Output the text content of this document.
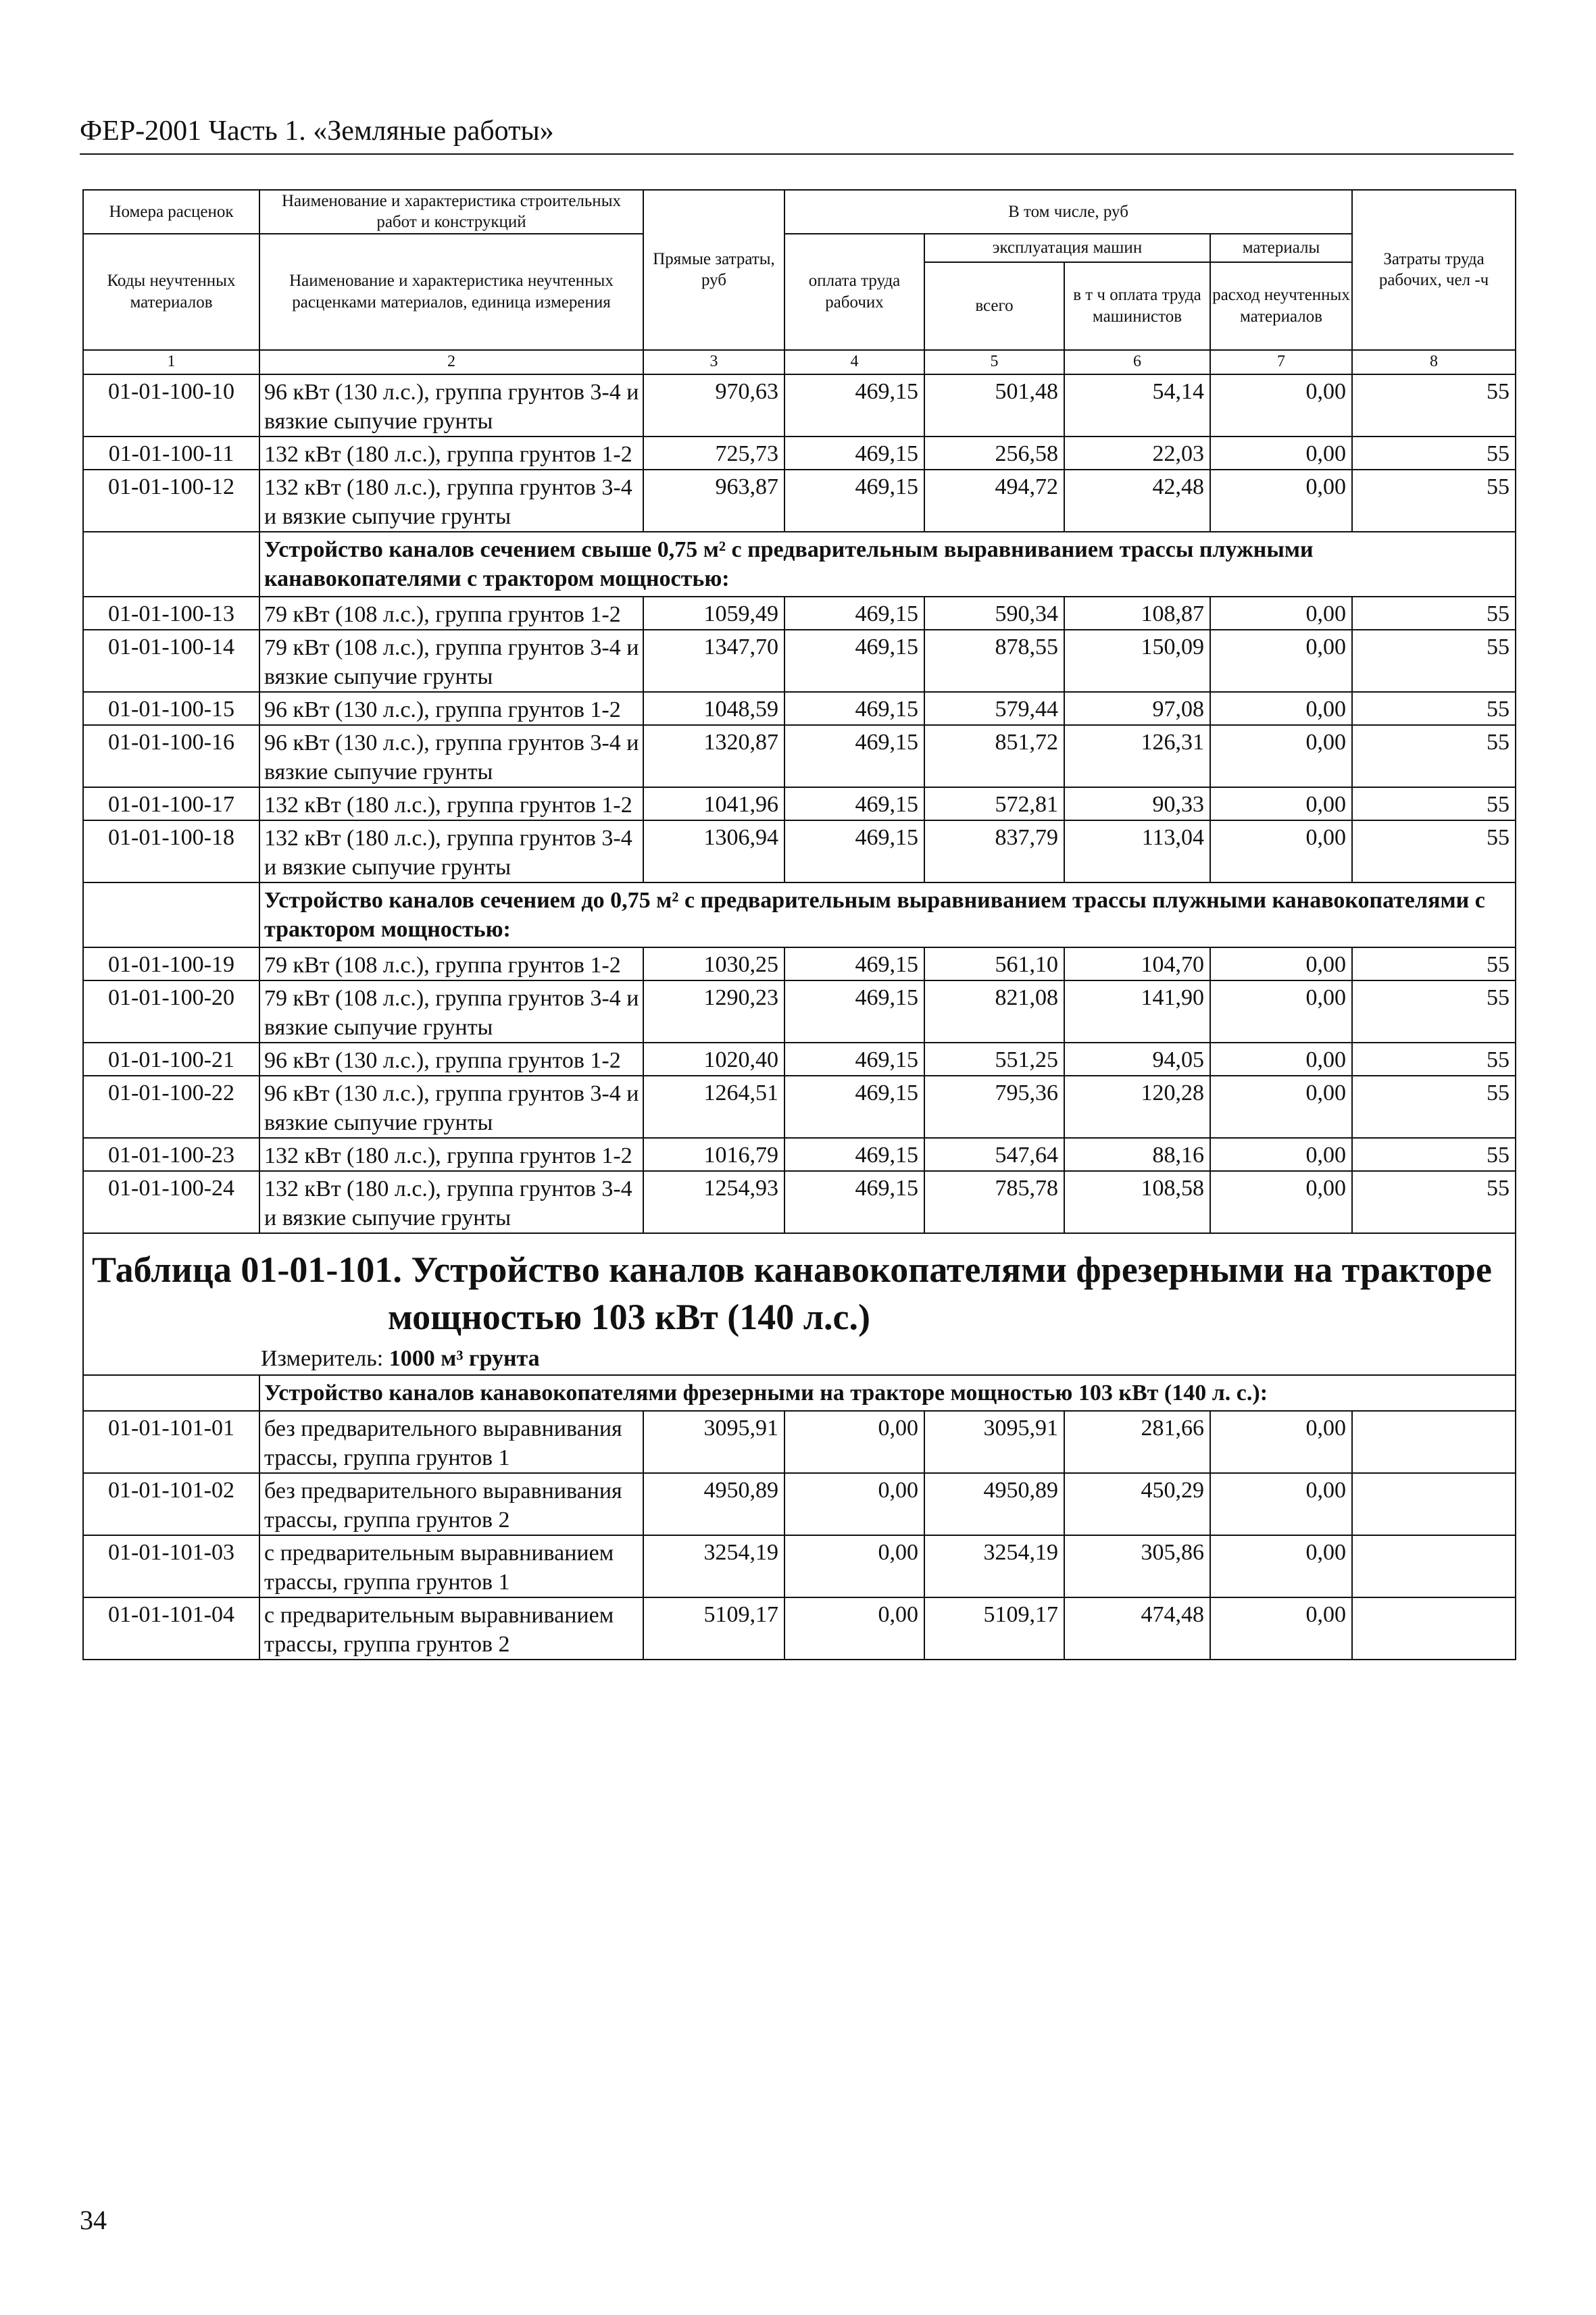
ФЕР-2001 Часть 1. «Земляные работы»
Номера расценок	Наименование и характеристика строительных работ и конструкций	Прямые затраты, руб	В том числе, руб				Затраты труда рабочих, чел -ч
Коды неучтенных материалов	Наименование и характеристика неучтенных расценками материалов, единица измерения		оплата труда рабочих	эксплуатация машин		материалы	
				всего	в т ч оплата труда машинистов	расход неучтенных материалов	
1	2	3	4	5	6	7	8
01-01-100-10	96 кВт (130 л.с.), группа грунтов 3-4 и вязкие сыпучие грунты	970,63	469,15	501,48	54,14	0,00	55
01-01-100-11	132 кВт (180 л.с.), группа грунтов 1-2	725,73	469,15	256,58	22,03	0,00	55
01-01-100-12	132 кВт (180 л.с.), группа грунтов 3-4 и вязкие сыпучие грунты	963,87	469,15	494,72	42,48	0,00	55
	Устройство каналов сечением свыше 0,75 м² с предварительным выравниванием трассы плужными канавокопателями с трактором мощностью:						
01-01-100-13	79 кВт (108 л.с.), группа грунтов 1-2	1059,49	469,15	590,34	108,87	0,00	55
01-01-100-14	79 кВт (108 л.с.), группа грунтов 3-4 и вязкие сыпучие грунты	1347,70	469,15	878,55	150,09	0,00	55
01-01-100-15	96 кВт (130 л.с.), группа грунтов 1-2	1048,59	469,15	579,44	97,08	0,00	55
01-01-100-16	96 кВт (130 л.с.), группа грунтов 3-4 и вязкие сыпучие грунты	1320,87	469,15	851,72	126,31	0,00	55
01-01-100-17	132 кВт (180 л.с.), группа грунтов 1-2	1041,96	469,15	572,81	90,33	0,00	55
01-01-100-18	132 кВт (180 л.с.), группа грунтов 3-4 и вязкие сыпучие грунты	1306,94	469,15	837,79	113,04	0,00	55
	Устройство каналов сечением до 0,75 м² с предварительным выравниванием трассы плужными канавокопателями с трактором мощностью:						
01-01-100-19	79 кВт (108 л.с.), группа грунтов 1-2	1030,25	469,15	561,10	104,70	0,00	55
01-01-100-20	79 кВт (108 л.с.), группа грунтов 3-4 и вязкие сыпучие грунты	1290,23	469,15	821,08	141,90	0,00	55
01-01-100-21	96 кВт (130 л.с.), группа грунтов 1-2	1020,40	469,15	551,25	94,05	0,00	55
01-01-100-22	96 кВт (130 л.с.), группа грунтов 3-4 и вязкие сыпучие грунты	1264,51	469,15	795,36	120,28	0,00	55
01-01-100-23	132 кВт (180 л.с.), группа грунтов 1-2	1016,79	469,15	547,64	88,16	0,00	55
01-01-100-24	132 кВт (180 л.с.), группа грунтов 3-4 и вязкие сыпучие грунты	1254,93	469,15	785,78	108,58	0,00	55

Таблица 01-01-101. Устройство каналов канавокопателями фрезерными на тракторе
мощностью 103 кВт (140 л.с.)
Измеритель: 1000 м³ грунта							

	Устройство каналов канавокопателями фрезерными на тракторе мощностью 103 кВт (140 л. с.):						
01-01-101-01	без предварительного выравнивания трассы, группа грунтов 1	3095,91	0,00	3095,91	281,66	0,00	
01-01-101-02	без предварительного выравнивания трассы, группа грунтов 2	4950,89	0,00	4950,89	450,29	0,00	
01-01-101-03	с предварительным выравниванием трассы, группа грунтов 1	3254,19	0,00	3254,19	305,86	0,00	
01-01-101-04	с предварительным выравниванием трассы, группа грунтов 2	5109,17	0,00	5109,17	474,48	0,00	
34
